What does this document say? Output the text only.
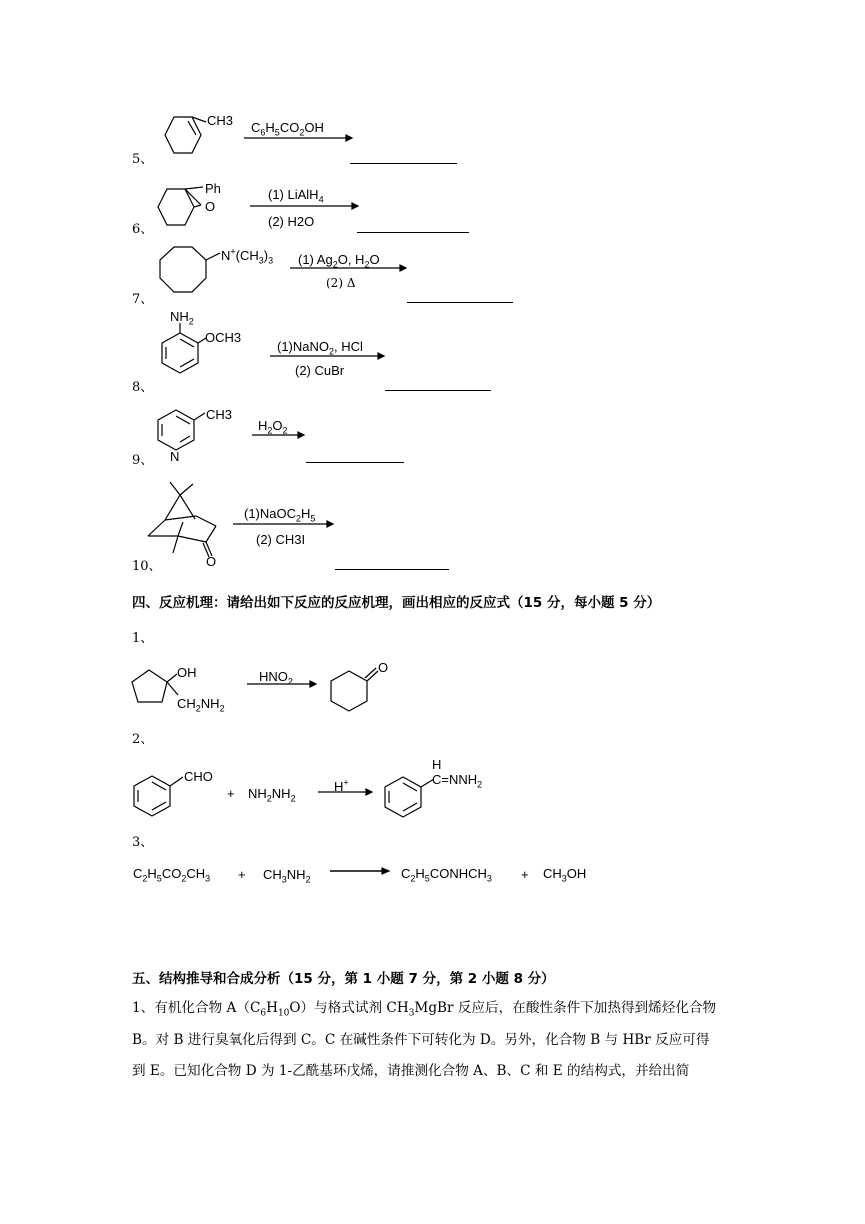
5、
CH3 $C_6H_5CO_2OH$
6、
Ph
O
(1) LiAlH$_4$
(2) H2O
7、
$N^+(CH_3)_3$ (1) $Ag_2O$, $H_2O$
(2) Δ
8、
$NH_2$
OCH3
(1)NaNO$_2$, HCl
(2) CuBr
9、
CH3
N
$H_2O_2$
10、	O
$(1)NaOC_2H_5$
(2) CH3I
四、反应机理：请给出如下反应的反应机理，画出相应的反应式（15 分，每小题 5 分）
1、
OH
$CH_2NH_2$
$HNO_2$
O
2、
CHO
+ $NH_2NH_2$
H+
H
$C=NNH_2$
3、
$C_2H_5CO_2CH_3 + CH_3NH_2$	$C_2H_5CONHCH_3 + CH_3OH$
五、结构推导和合成分析（15 分，第 1 小题 7 分，第 2 小题 8 分）
1、有机化合物 $A(C_6H_{10}O)$与格式试剂 $CH_3MgBr$ 反应后，在酸性条件下加热得到烯烃化合物
B。对 B 进行臭氧化后得到 C。C 在碱性条件下可转化为 D。另外，化合物 B 与 HBr 反应可得
到 E。已知化合物 D 为 1-乙酰基环戊烯，请推测化合物 A、B、C 和 E 的结构式，并给出简
